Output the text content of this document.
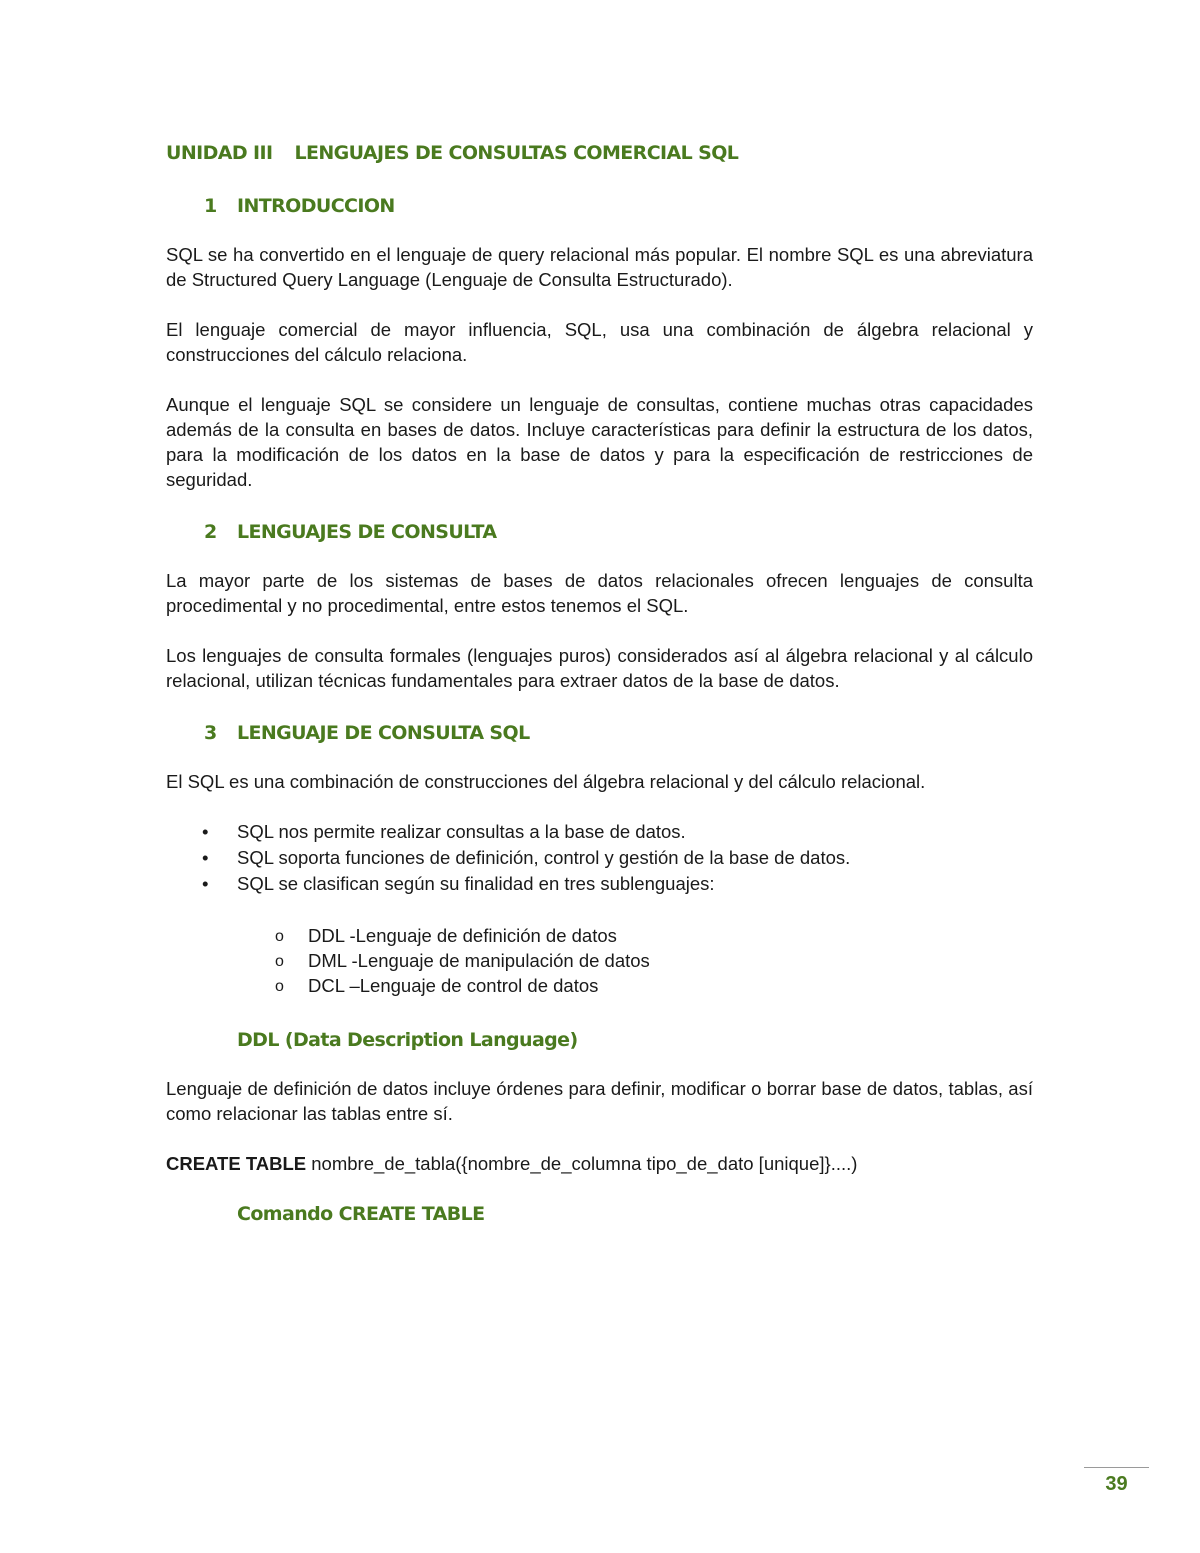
UNIDAD III LENGUAJES DE CONSULTAS COMERCIAL SQL
1 INTRODUCCION

SQL se ha convertido en el lenguaje de query relacional más popular. El nombre SQL es una abreviatura de Structured Query Language (Lenguaje de Consulta Estructurado).

El lenguaje comercial de mayor influencia, SQL, usa una combinación de álgebra relacional y construcciones del cálculo relaciona.

Aunque el lenguaje SQL se considere un lenguaje de consultas, contiene muchas otras capacidades además de la consulta en bases de datos. Incluye características para definir la estructura de los datos, para la modificación de los datos en la base de datos y para la especificación de restricciones de seguridad.

2 LENGUAJES DE CONSULTA

La mayor parte de los sistemas de bases de datos relacionales ofrecen lenguajes de consulta procedimental y no procedimental, entre estos tenemos el SQL.

Los lenguajes de consulta formales (lenguajes puros) considerados así al álgebra relacional y al cálculo relacional, utilizan técnicas fundamentales para extraer datos de la base de datos.

3 LENGUAJE DE CONSULTA SQL

El SQL es una combinación de construcciones del álgebra relacional y del cálculo relacional.

• SQL nos permite realizar consultas a la base de datos.
• SQL soporta funciones de definición, control y gestión de la base de datos.
• SQL se clasifican según su finalidad en tres sublenguajes:
o DDL -Lenguaje de definición de datos
o DML -Lenguaje de manipulación de datos
o DCL –Lenguaje de control de datos
DDL (Data Description Language)

Lenguaje de definición de datos incluye órdenes para definir, modificar o borrar base de datos, tablas, así como relacionar las tablas entre sí.

CREATE TABLE nombre_de_tabla({nombre_de_columna tipo_de_dato [unique]}....)
Comando CREATE TABLE
39
